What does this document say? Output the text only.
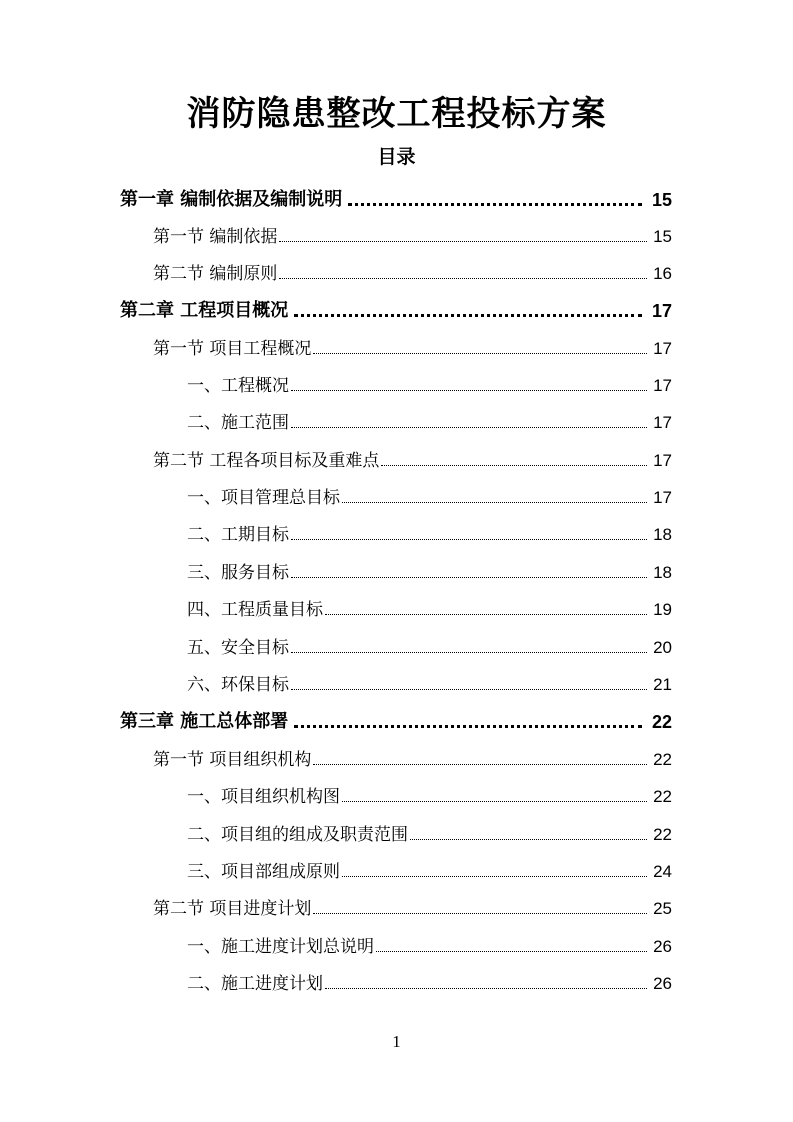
消防隐患整改工程投标方案
目录
第一章 编制依据及编制说明	15
第一节 编制依据	15
第二节 编制原则	16
第二章 工程项目概况	17
第一节 项目工程概况	17
一、工程概况	17
二、施工范围	17
第二节 工程各项目标及重难点	17
一、项目管理总目标	17
二、工期目标	18
三、服务目标	18
四、工程质量目标	19
五、安全目标	20
六、环保目标	21
第三章 施工总体部署	22
第一节 项目组织机构	22
一、项目组织机构图	22
二、项目组的组成及职责范围	22
三、项目部组成原则	24
第二节 项目进度计划	25
一、施工进度计划总说明	26
二、施工进度计划	26
1
